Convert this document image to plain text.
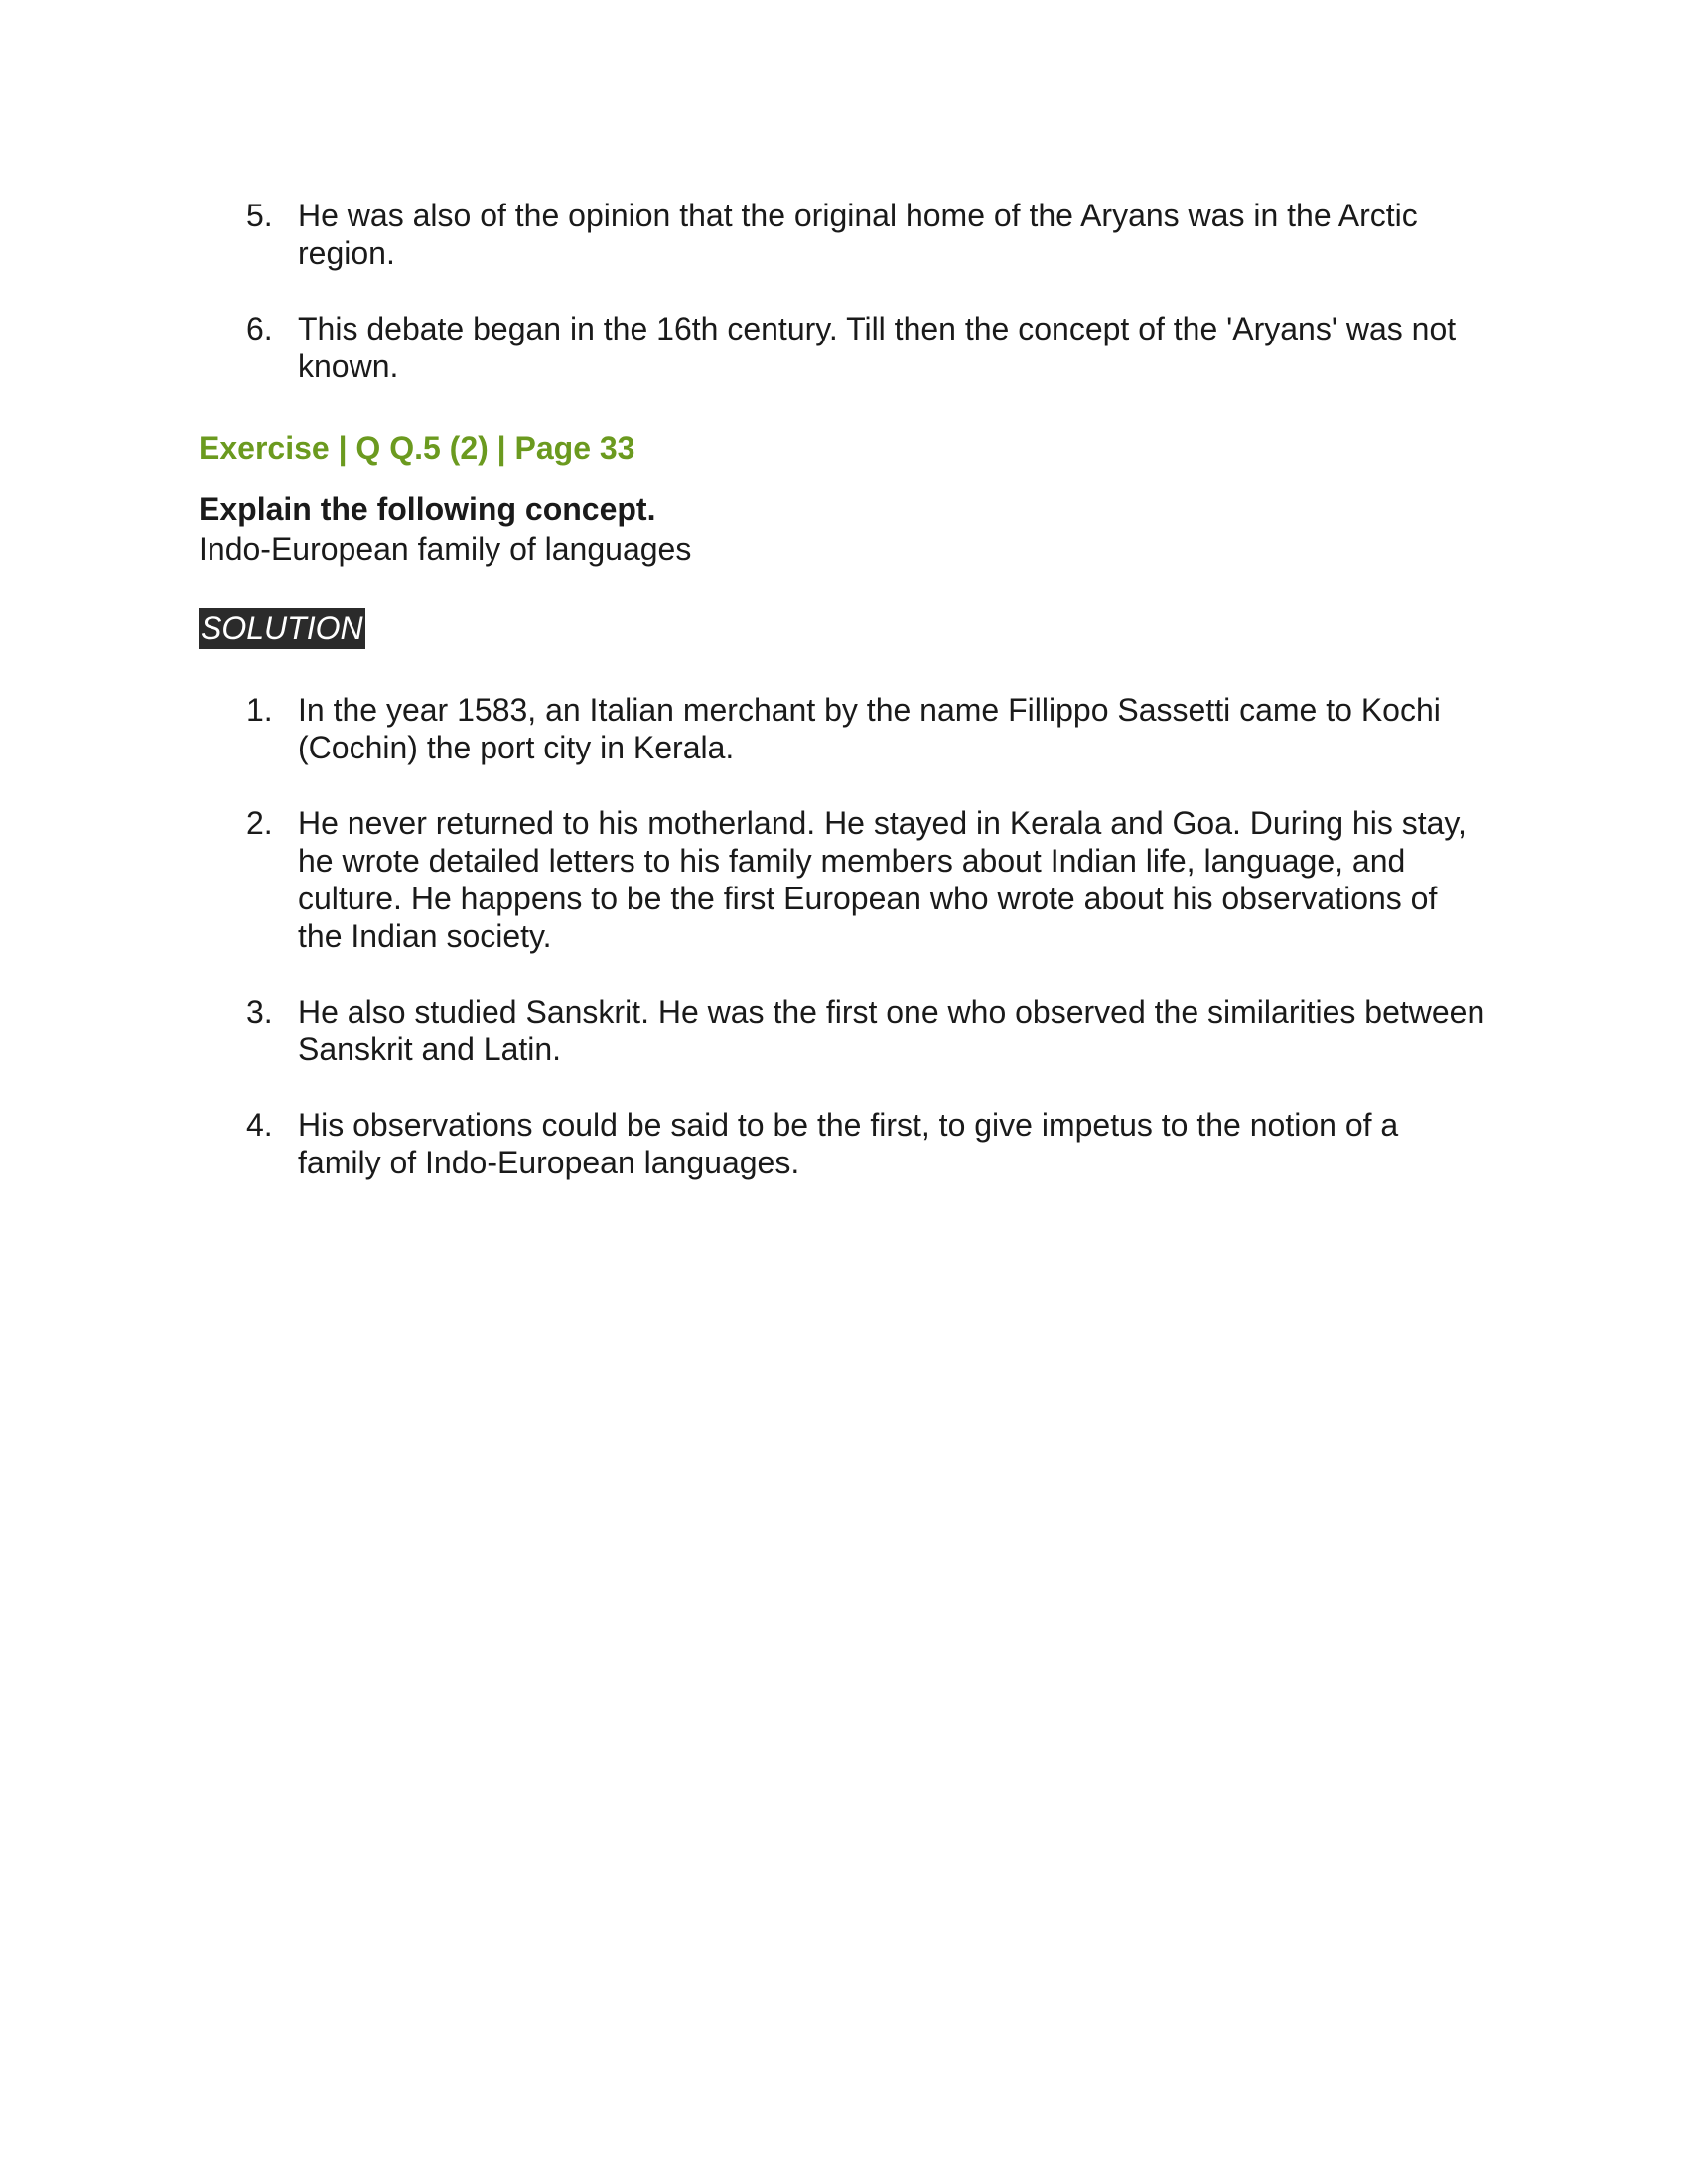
5. He was also of the opinion that the original home of the Aryans was in the Arctic region.
6. This debate began in the 16th century. Till then the concept of the 'Aryans' was not known.
Exercise | Q Q.5 (2) | Page 33
Explain the following concept.

Indo-European family of languages

SOLUTION
1. In the year 1583, an Italian merchant by the name Fillippo Sassetti came to Kochi (Cochin) the port city in Kerala.
2. He never returned to his motherland. He stayed in Kerala and Goa. During his stay, he wrote detailed letters to his family members about Indian life, language, and culture. He happens to be the first European who wrote about his observations of the Indian society.
3. He also studied Sanskrit. He was the first one who observed the similarities between Sanskrit and Latin.
4. His observations could be said to be the first, to give impetus to the notion of a family of Indo-European languages.
